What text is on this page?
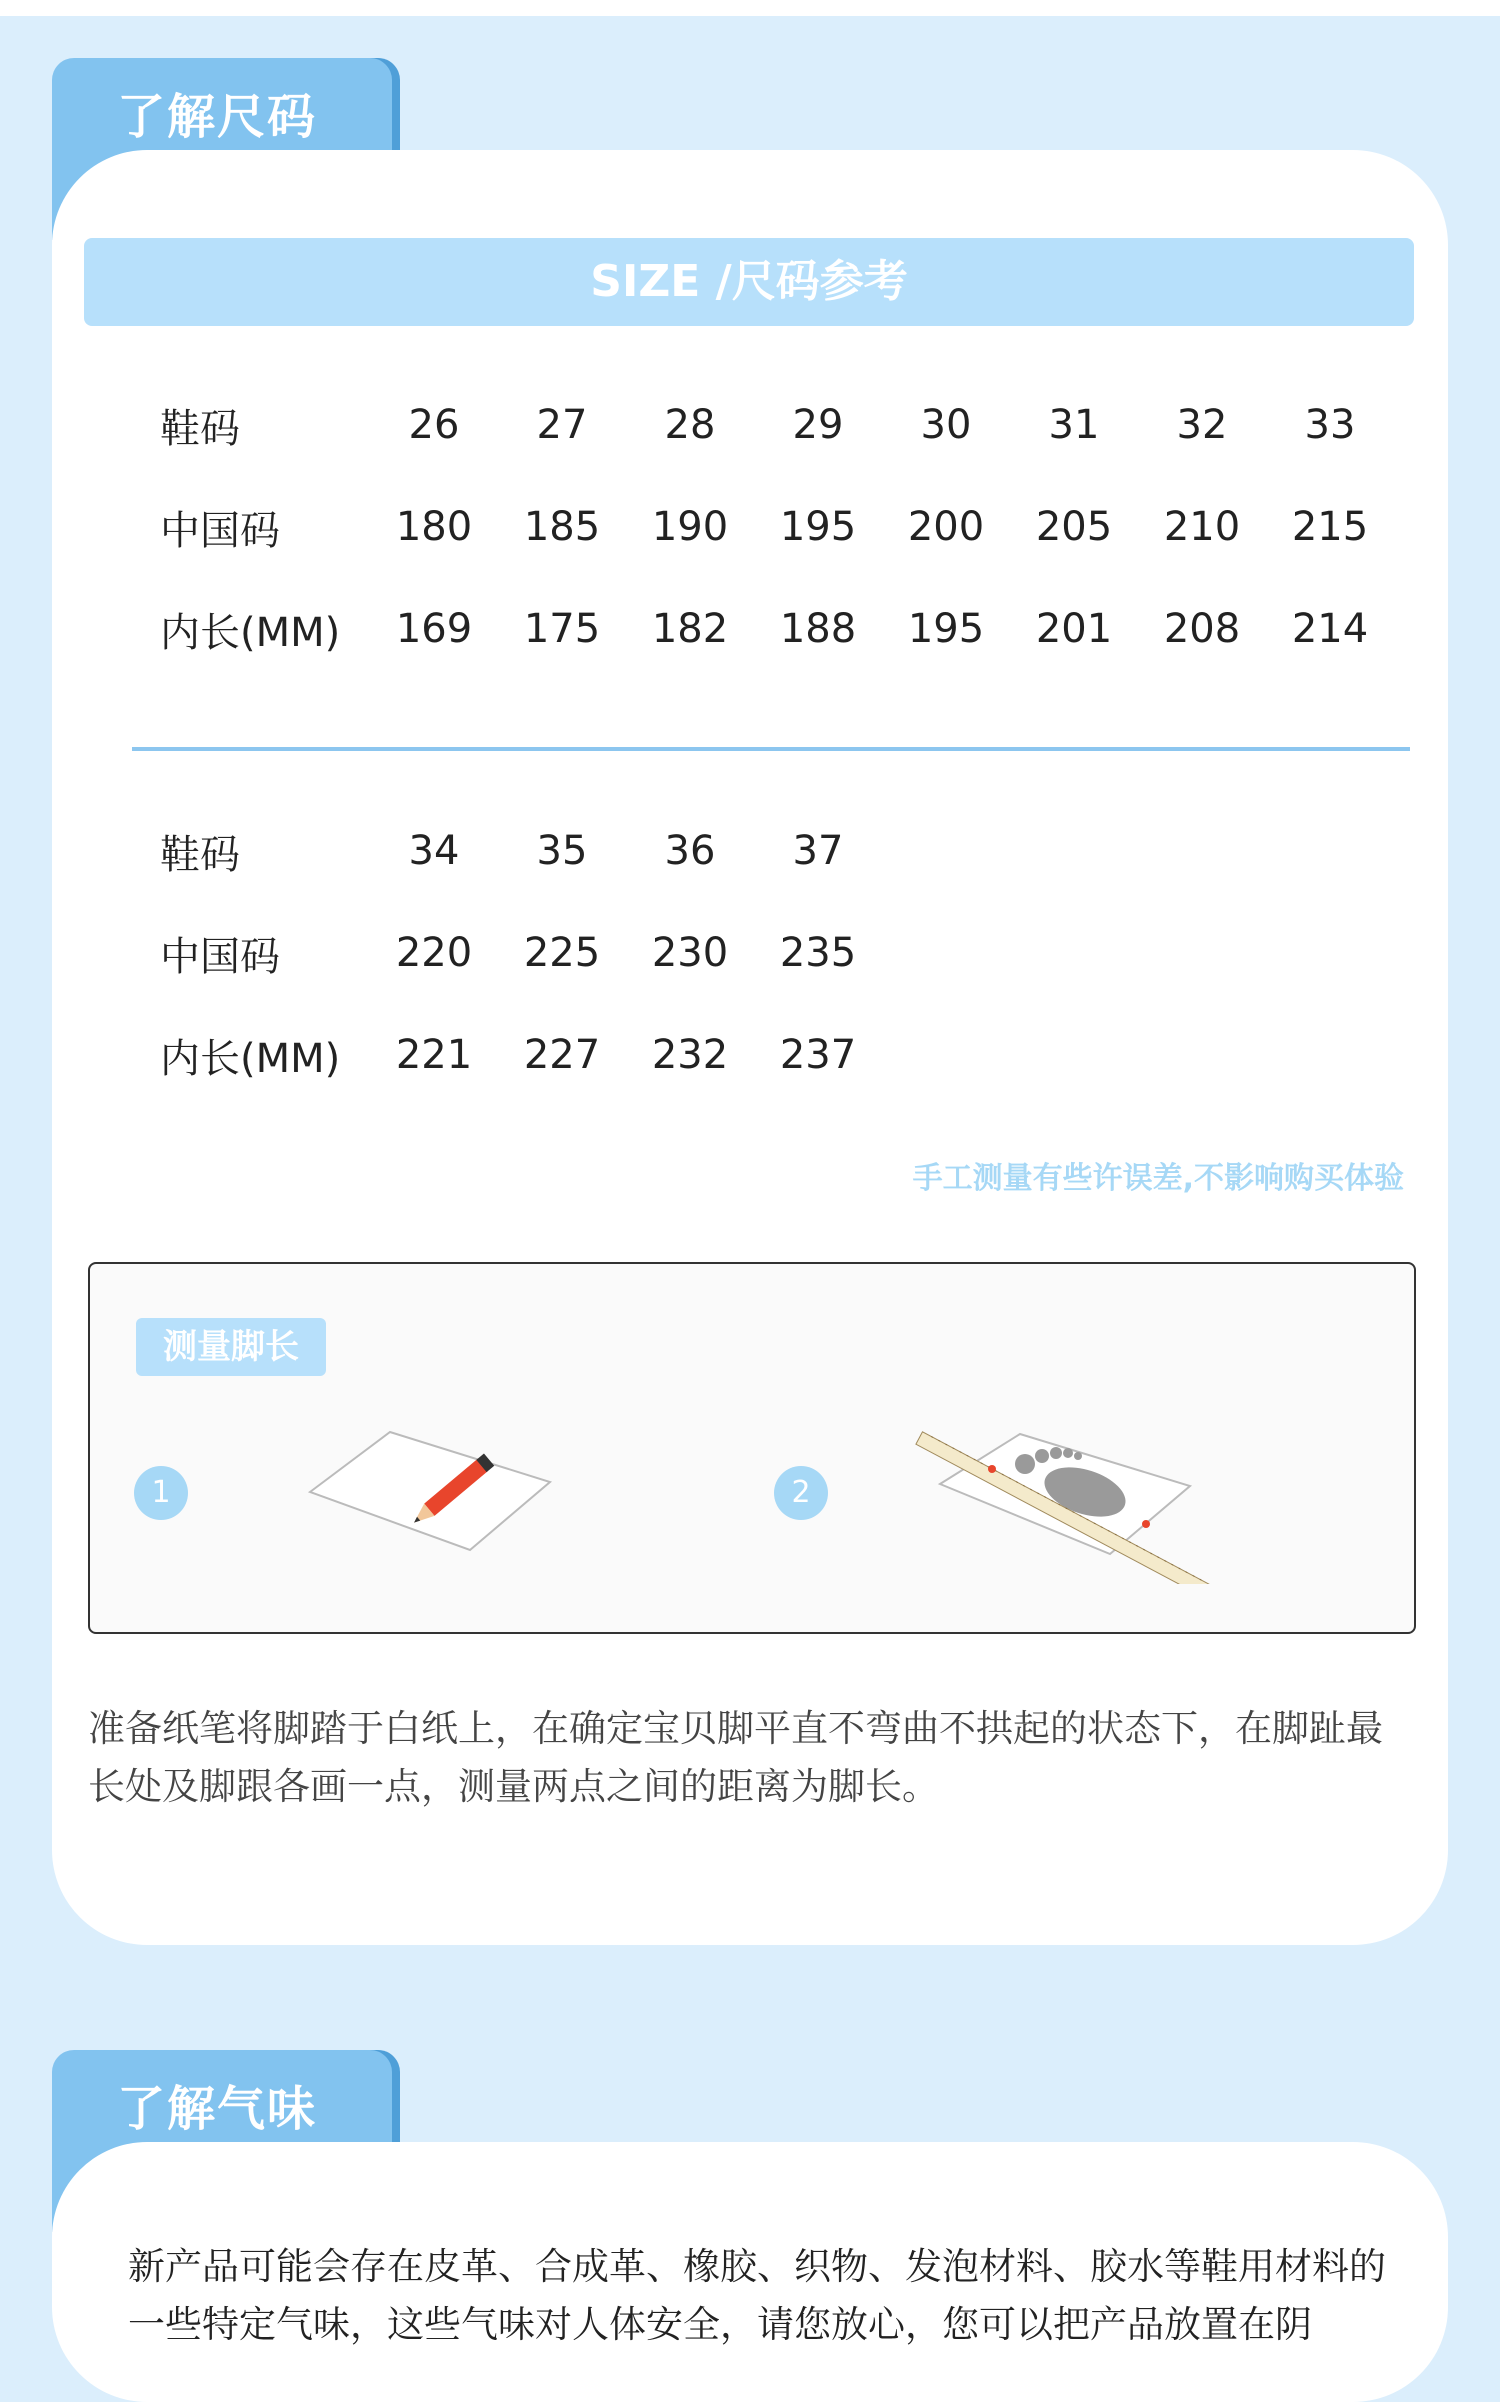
了解尺码
SIZE /尺码参考
鞋码	26	27	28	29	30	31	32	33
中国码	180	185	190	195	200	205	210	215
内长(MM)	169	175	182	188	195	201	208	214
鞋码	34	35	36	37
中国码	220	225	230	235
内长(MM)	221	227	232	237
手工测量有些许误差,不影响购买体验
测量脚长
1	2
准备纸笔将脚踏于白纸上，在确定宝贝脚平直不弯曲不拱起的状态下，在脚趾最长处及脚跟各画一点，测量两点之间的距离为脚长。
了解气味
新产品可能会存在皮革、合成革、橡胶、织物、发泡材料、胶水等鞋用材料的一些特定气味，这些气味对人体安全，请您放心，您可以把产品放置在阴
